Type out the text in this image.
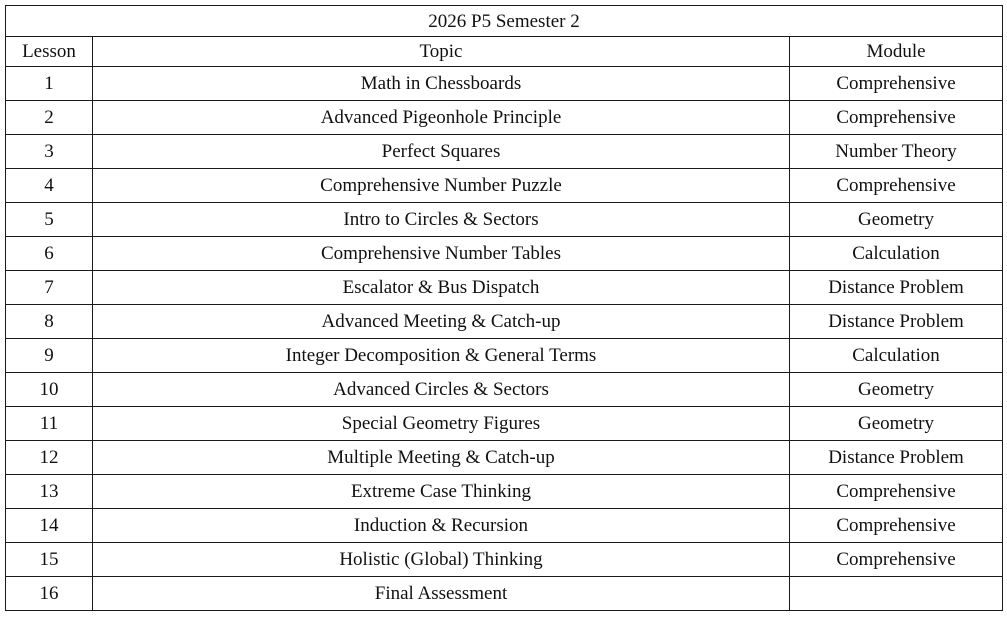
2026 P5 Semester 2		
Lesson	Topic	Module
1	Math in Chessboards	Comprehensive
2	Advanced Pigeonhole Principle	Comprehensive
3	Perfect Squares	Number Theory
4	Comprehensive Number Puzzle	Comprehensive
5	Intro to Circles & Sectors	Geometry
6	Comprehensive Number Tables	Calculation
7	Escalator & Bus Dispatch	Distance Problem
8	Advanced Meeting & Catch-up	Distance Problem
9	Integer Decomposition & General Terms	Calculation
10	Advanced Circles & Sectors	Geometry
11	Special Geometry Figures	Geometry
12	Multiple Meeting & Catch-up	Distance Problem
13	Extreme Case Thinking	Comprehensive
14	Induction & Recursion	Comprehensive
15	Holistic (Global) Thinking	Comprehensive
16	Final Assessment	
